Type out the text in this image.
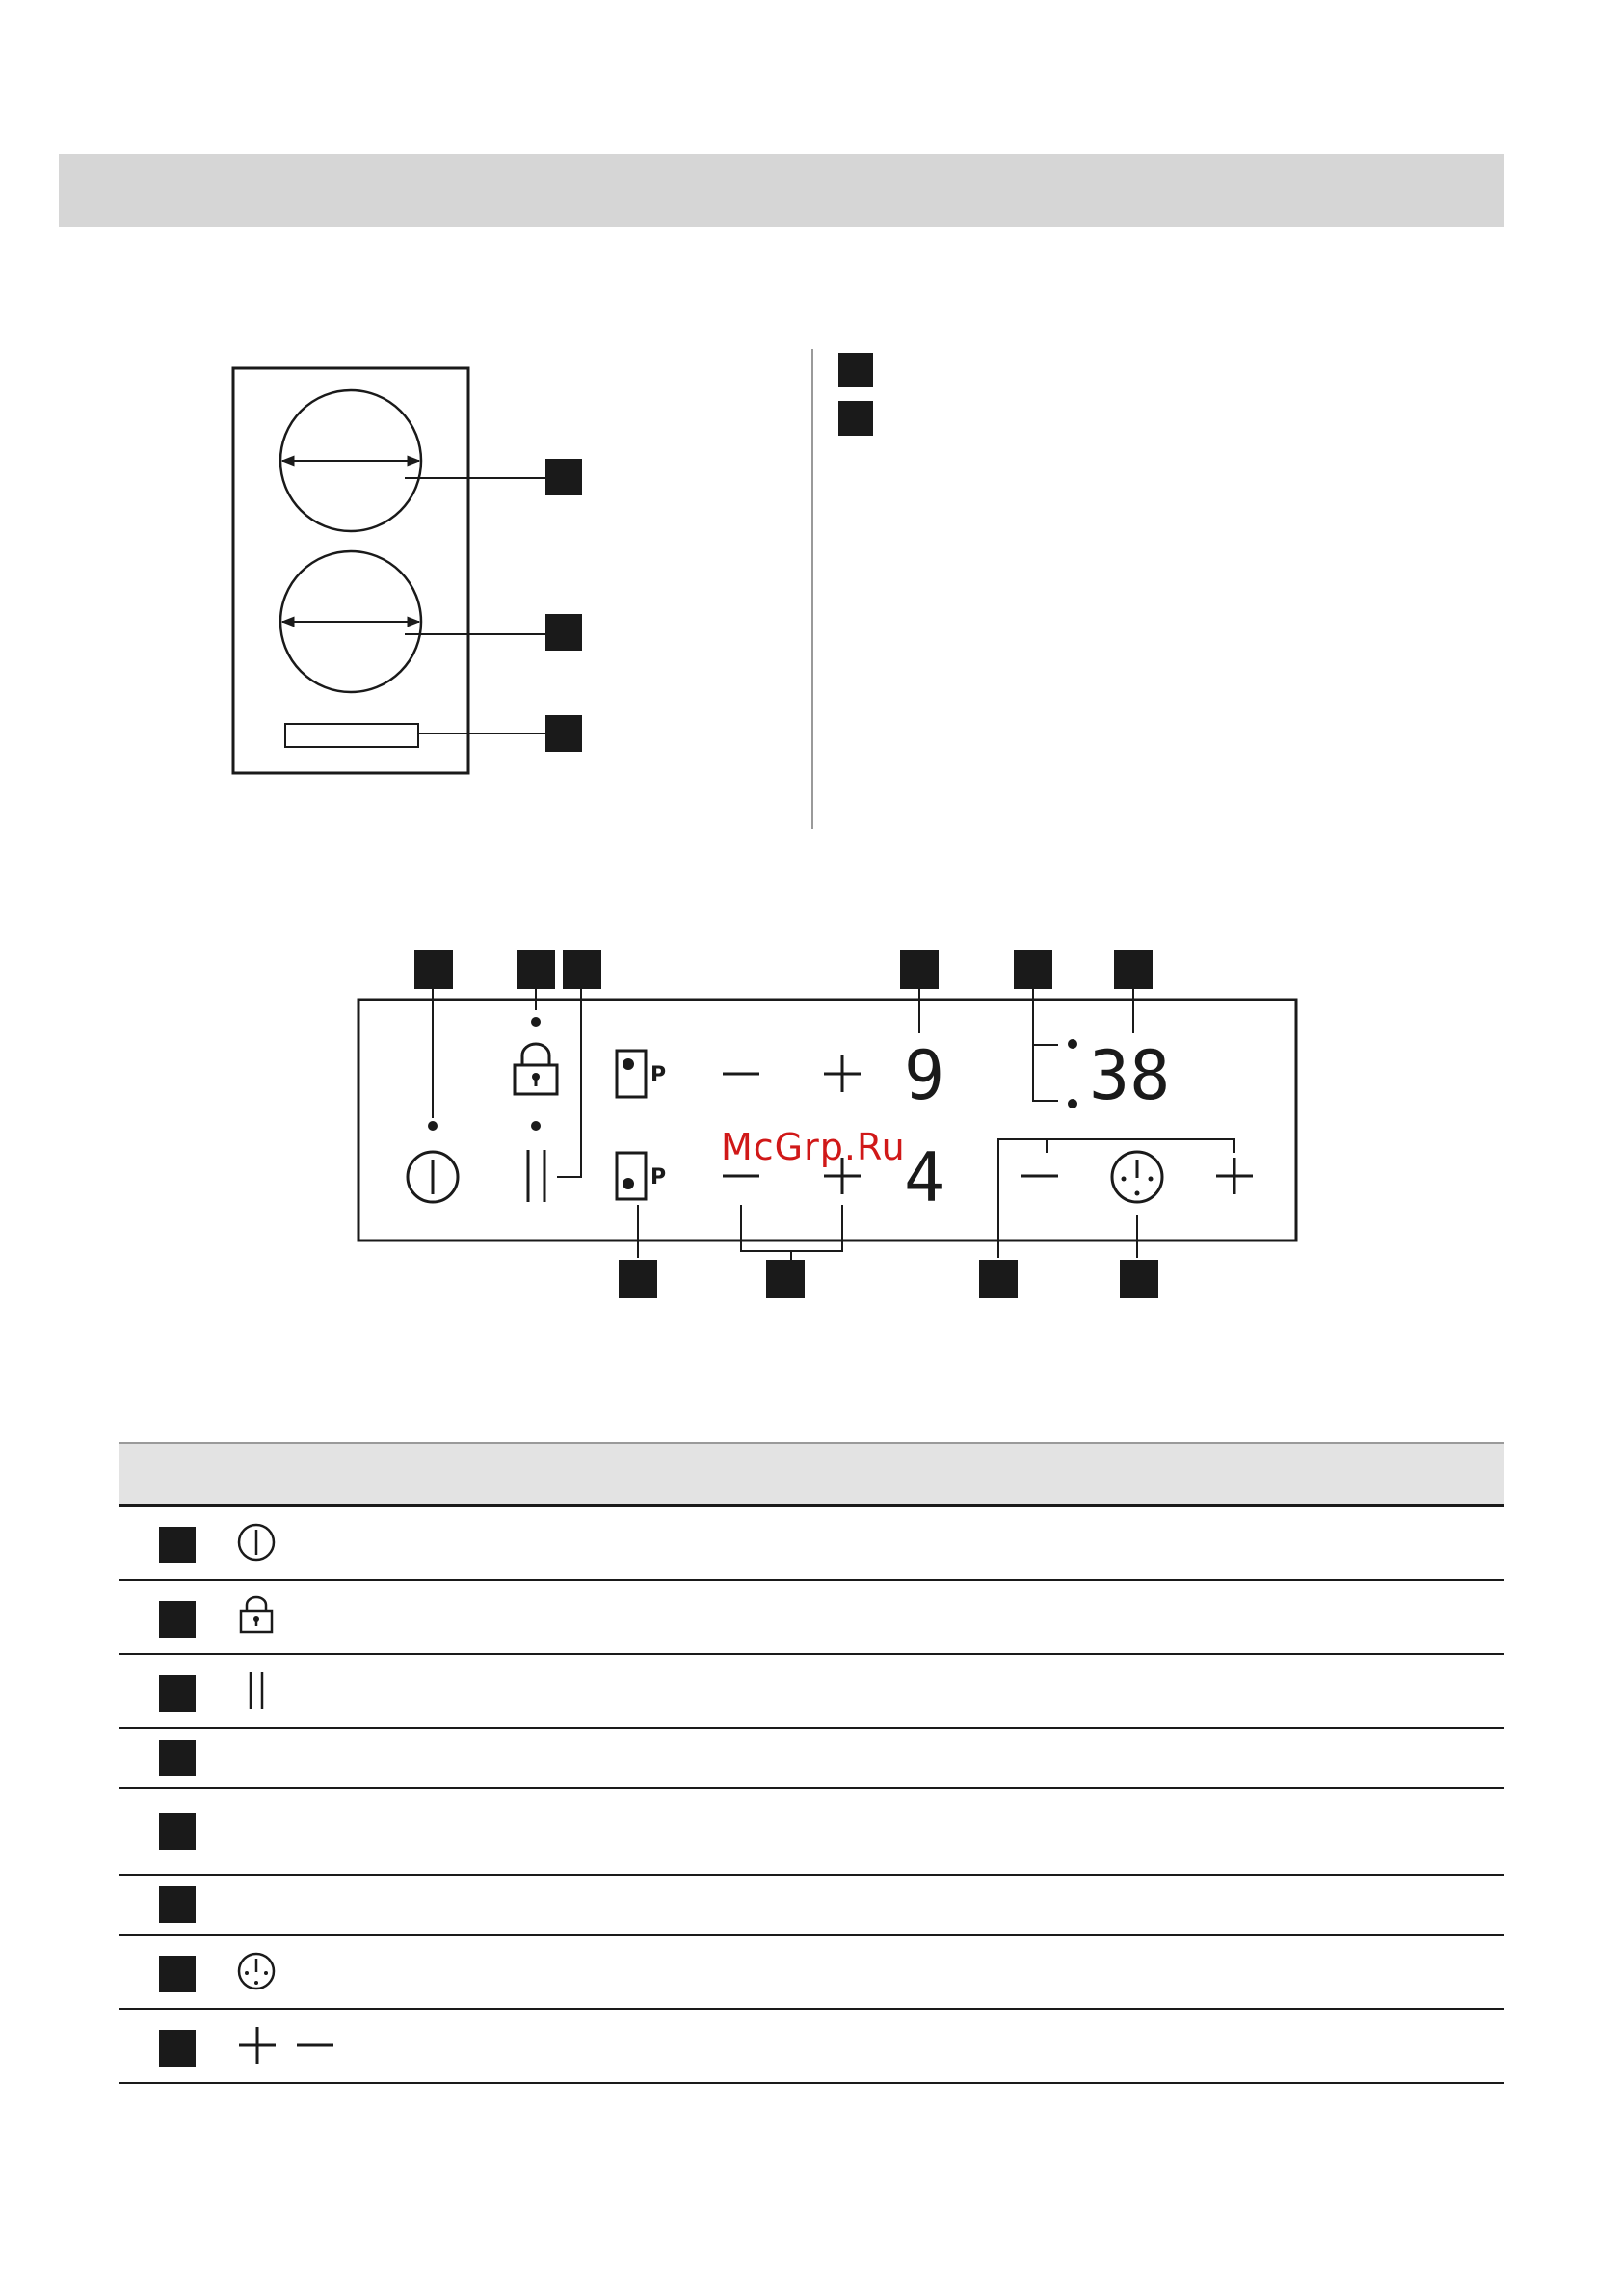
P
P
9
4
38
McGrp.Ru
